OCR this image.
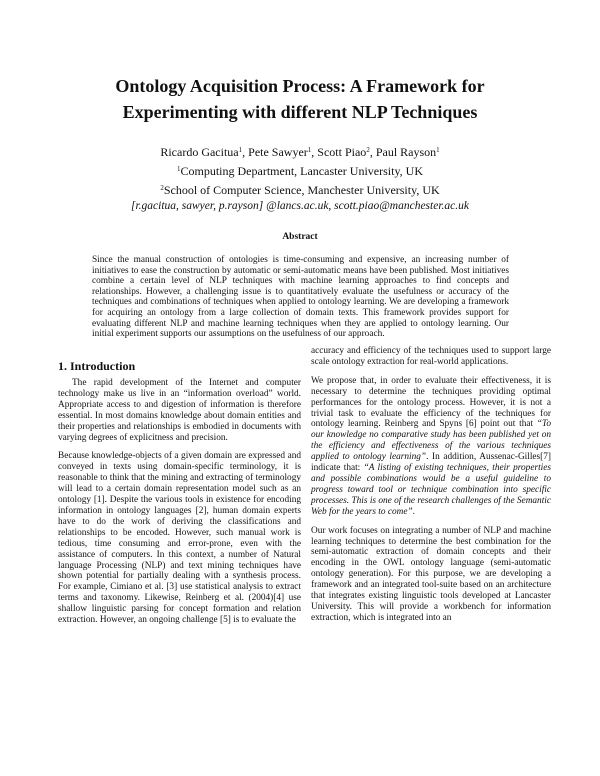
Ontology Acquisition Process: A Framework for
Experimenting with different NLP Techniques
Ricardo Gacitua$^1$, Pete Sawyer$^1$, Scott Piao$^2$, Paul Rayson$^1$
$^1$Computing Department, Lancaster University, UK
$^2$School of Computer Science, Manchester University, UK
[r.gacitua, sawyer, p.rayson] @lancs.ac.uk, scott.piao@manchester.ac.uk
Abstract
Since the manual construction of ontologies is time-consuming and expensive, an increasing number of initiatives to ease the construction by automatic or semi-automatic means have been published. Most initiatives combine a certain level of NLP techniques with machine learning approaches to find concepts and relationships. However, a challenging issue is to quantitatively evaluate the usefulness or accuracy of the techniques and combinations of techniques when applied to ontology learning. We are developing a framework for acquiring an ontology from a large collection of domain texts. This framework provides support for evaluating different NLP and machine learning techniques when they are applied to ontology learning. Our initial experiment supports our assumptions on the usefulness of our approach.
1. Introduction

The rapid development of the Internet and computer technology make us live in an “information overload” world. Appropriate access to and digestion of information is therefore essential. In most domains knowledge about domain entities and their properties and relationships is embodied in documents with varying degrees of explicitness and precision.

Because knowledge-objects of a given domain are expressed and conveyed in texts using domain-specific terminology, it is reasonable to think that the mining and extracting of terminology will lead to a certain domain representation model such as an ontology [1]. Despite the various tools in existence for encoding information in ontology languages [2], human domain experts have to do the work of deriving the classifications and relationships to be encoded. However, such manual work is tedious, time consuming and error-prone, even with the assistance of computers. In this context, a number of Natural language Processing (NLP) and text mining techniques have shown potential for partially dealing with a synthesis process. For example, Cimiano et al. [3] use statistical analysis to extract terms and taxonomy. Likewise, Reinberg et al. (2004)[4] use shallow linguistic parsing for concept formation and relation extraction. However, an ongoing challenge [5] is to evaluate the

accuracy and efficiency of the techniques used to support large scale ontology extraction for real-world applications.

We propose that, in order to evaluate their effectiveness, it is necessary to determine the techniques providing optimal performances for the ontology process. However, it is not a trivial task to evaluate the efficiency of the techniques for ontology learning. Reinberg and Spyns [6] point out that “To our knowledge no comparative study has been published yet on the efficiency and effectiveness of the various techniques applied to ontology learning”. In addition, Aussenac-Gilles[7] indicate that: “A listing of existing techniques, their properties and possible combinations would be a useful guideline to progress toward tool or technique combination into specific processes. This is one of the research challenges of the Semantic Web for the years to come”.

Our work focuses on integrating a number of NLP and machine learning techniques to determine the best combination for the semi-automatic extraction of domain concepts and their encoding in the OWL ontology language (semi-automatic ontology generation). For this purpose, we are developing a framework and an integrated tool-suite based on an architecture that integrates existing linguistic tools developed at Lancaster University. This will provide a workbench for information extraction, which is integrated into an
